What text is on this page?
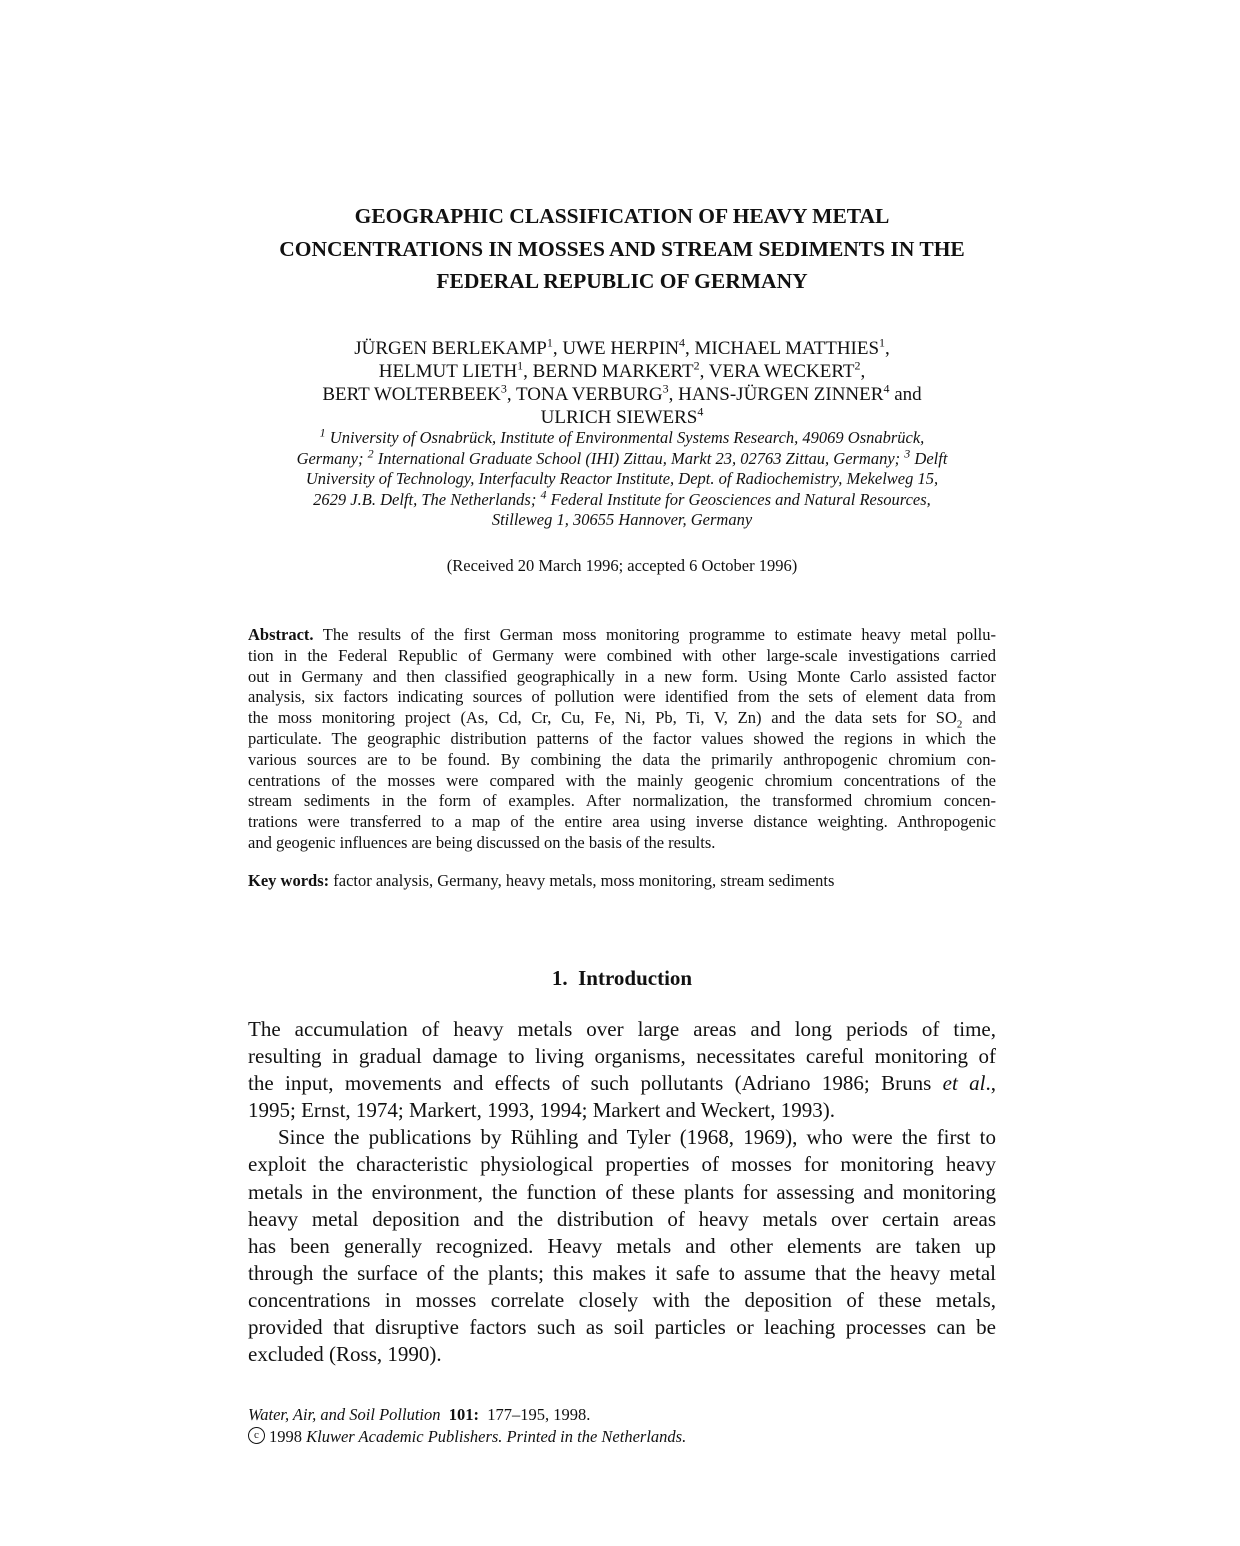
GEOGRAPHIC CLASSIFICATION OF HEAVY METAL
CONCENTRATIONS IN MOSSES AND STREAM SEDIMENTS IN THE
FEDERAL REPUBLIC OF GERMANY
JÜRGEN BERLEKAMP$^1$, UWE HERPIN$^4$, MICHAEL MATTHIES$^1$,
HELMUT LIETH$^1$, BERND MARKERT$^2$, VERA WECKERT$^2$,
BERT WOLTERBEEK$^3$, TONA VERBURG$^3$, HANS-JÜRGEN ZINNER$^4$ and
ULRICH SIEWERS$^4$
$^1$ University of Osnabrück, Institute of Environmental Systems Research, 49069 Osnabrück,
Germany; $^2$ International Graduate School (IHI) Zittau, Markt 23, 02763 Zittau, Germany; $^3$ Delft
University of Technology, Interfaculty Reactor Institute, Dept. of Radiochemistry, Mekelweg 15,
2629 J.B. Delft, The Netherlands; $^4$ Federal Institute for Geosciences and Natural Resources,
Stilleweg 1, 30655 Hannover, Germany
(Received 20 March 1996; accepted 6 October 1996)
Abstract. The results of the first German moss monitoring programme to estimate heavy metal pollu-
tion in the Federal Republic of Germany were combined with other large-scale investigations carried
out in Germany and then classified geographically in a new form. Using Monte Carlo assisted factor
analysis, six factors indicating sources of pollution were identified from the sets of element data from
the moss monitoring project (As, Cd, Cr, Cu, Fe, Ni, Pb, Ti, V, Zn) and the data sets for $SO_2$ and
particulate. The geographic distribution patterns of the factor values showed the regions in which the
various sources are to be found. By combining the data the primarily anthropogenic chromium con-
centrations of the mosses were compared with the mainly geogenic chromium concentrations of the
stream sediments in the form of examples. After normalization, the transformed chromium concen-
trations were transferred to a map of the entire area using inverse distance weighting. Anthropogenic
and geogenic influences are being discussed on the basis of the results.
Key words: factor analysis, Germany, heavy metals, moss monitoring, stream sediments
1. Introduction
The accumulation of heavy metals over large areas and long periods of time,
resulting in gradual damage to living organisms, necessitates careful monitoring of
the input, movements and effects of such pollutants (Adriano 1986; Bruns et al.,
1995; Ernst, 1974; Markert, 1993, 1994; Markert and Weckert, 1993).
Since the publications by Rühling and Tyler (1968, 1969), who were the first to
exploit the characteristic physiological properties of mosses for monitoring heavy
metals in the environment, the function of these plants for assessing and monitoring
heavy metal deposition and the distribution of heavy metals over certain areas
has been generally recognized. Heavy metals and other elements are taken up
through the surface of the plants; this makes it safe to assume that the heavy metal
concentrations in mosses correlate closely with the deposition of these metals,
provided that disruptive factors such as soil particles or leaching processes can be
excluded (Ross, 1990).
Water, Air, and Soil Pollution 101: 177–195, 1998.
c 1998 Kluwer Academic Publishers. Printed in the Netherlands.
